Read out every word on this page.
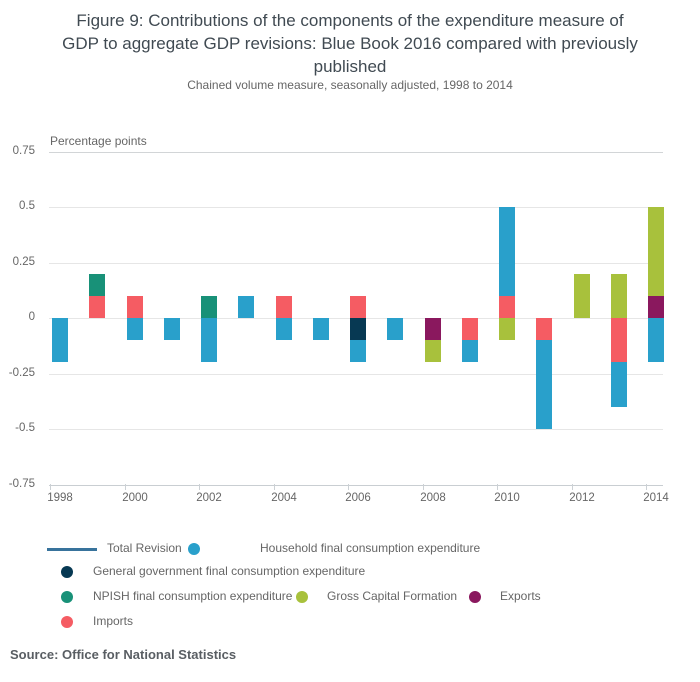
Figure 9: Contributions of the components of the expenditure measure of
GDP to aggregate GDP revisions: Blue Book 2016 compared with previously
published
Chained volume measure, seasonally adjusted, 1998 to 2014
Percentage points
0.75
0.5
0.25
0
-0.25
-0.5
-0.75
1998	2000	2002	2004	2006	2008	2010	2012	2014
Total Revision	Household final consumption expenditure
General government final consumption expenditure
NPISH final consumption expenditure	Gross Capital Formation	Exports
Imports
Source: Office for National Statistics
